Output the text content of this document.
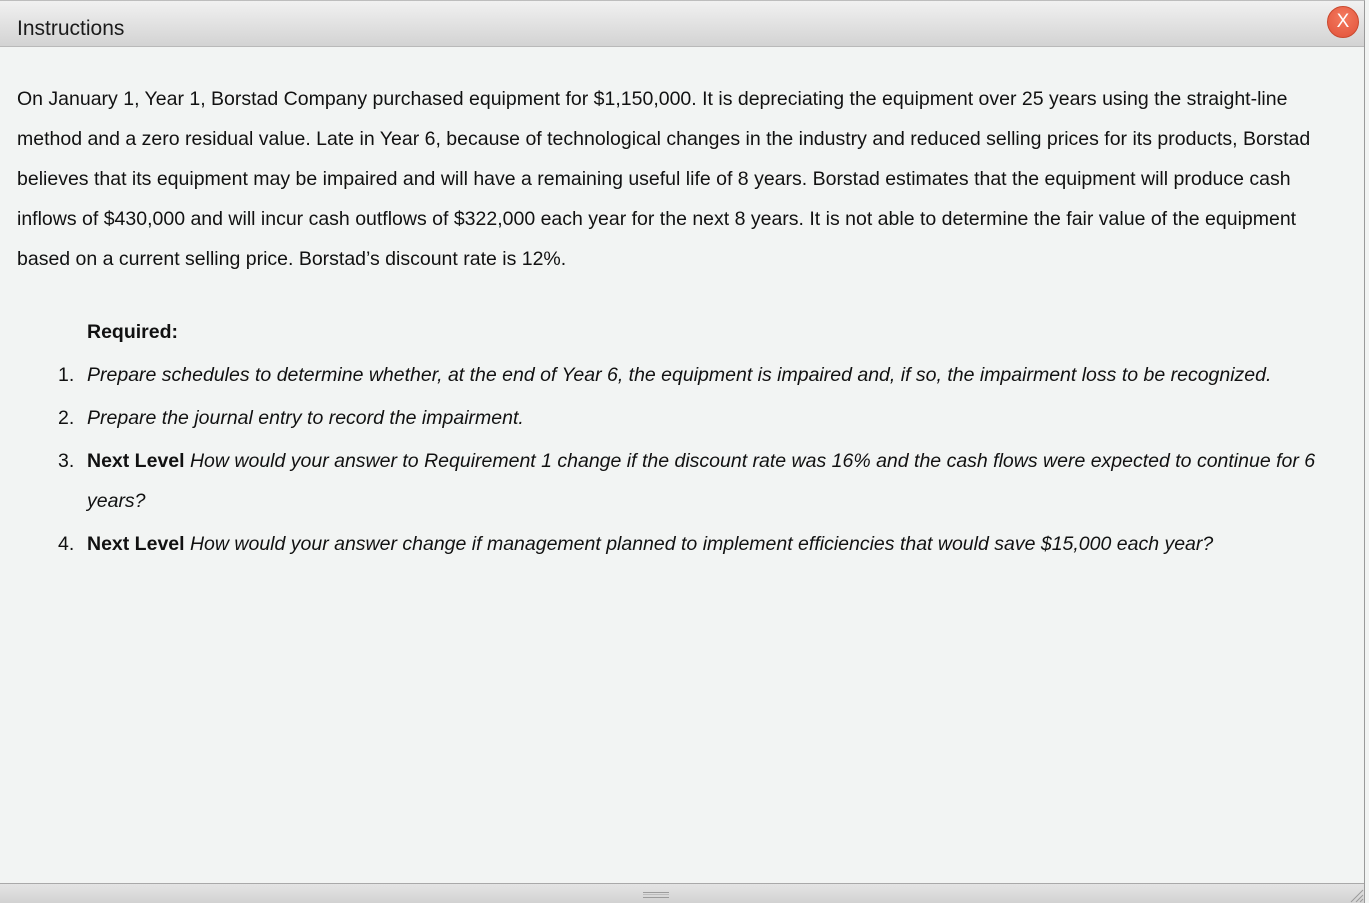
Instructions	X

On January 1, Year 1, Borstad Company purchased equipment for $1,150,000. It is depreciating the equipment over 25 years using the straight-line method and a zero residual value. Late in Year 6, because of technological changes in the industry and reduced selling prices for its products, Borstad believes that its equipment may be impaired and will have a remaining useful life of 8 years. Borstad estimates that the equipment will produce cash inflows of $430,000 and will incur cash outflows of $322,000 each year for the next 8 years. It is not able to determine the fair value of the equipment based on a current selling price. Borstad’s discount rate is 12%.

Required:
1. Prepare schedules to determine whether, at the end of Year 6, the equipment is impaired and, if so, the impairment loss to be recognized.
2. Prepare the journal entry to record the impairment.
3. Next Level How would your answer to Requirement 1 change if the discount rate was 16% and the cash flows were expected to continue for 6 years?
4. Next Level How would your answer change if management planned to implement efficiencies that would save $15,000 each year?
